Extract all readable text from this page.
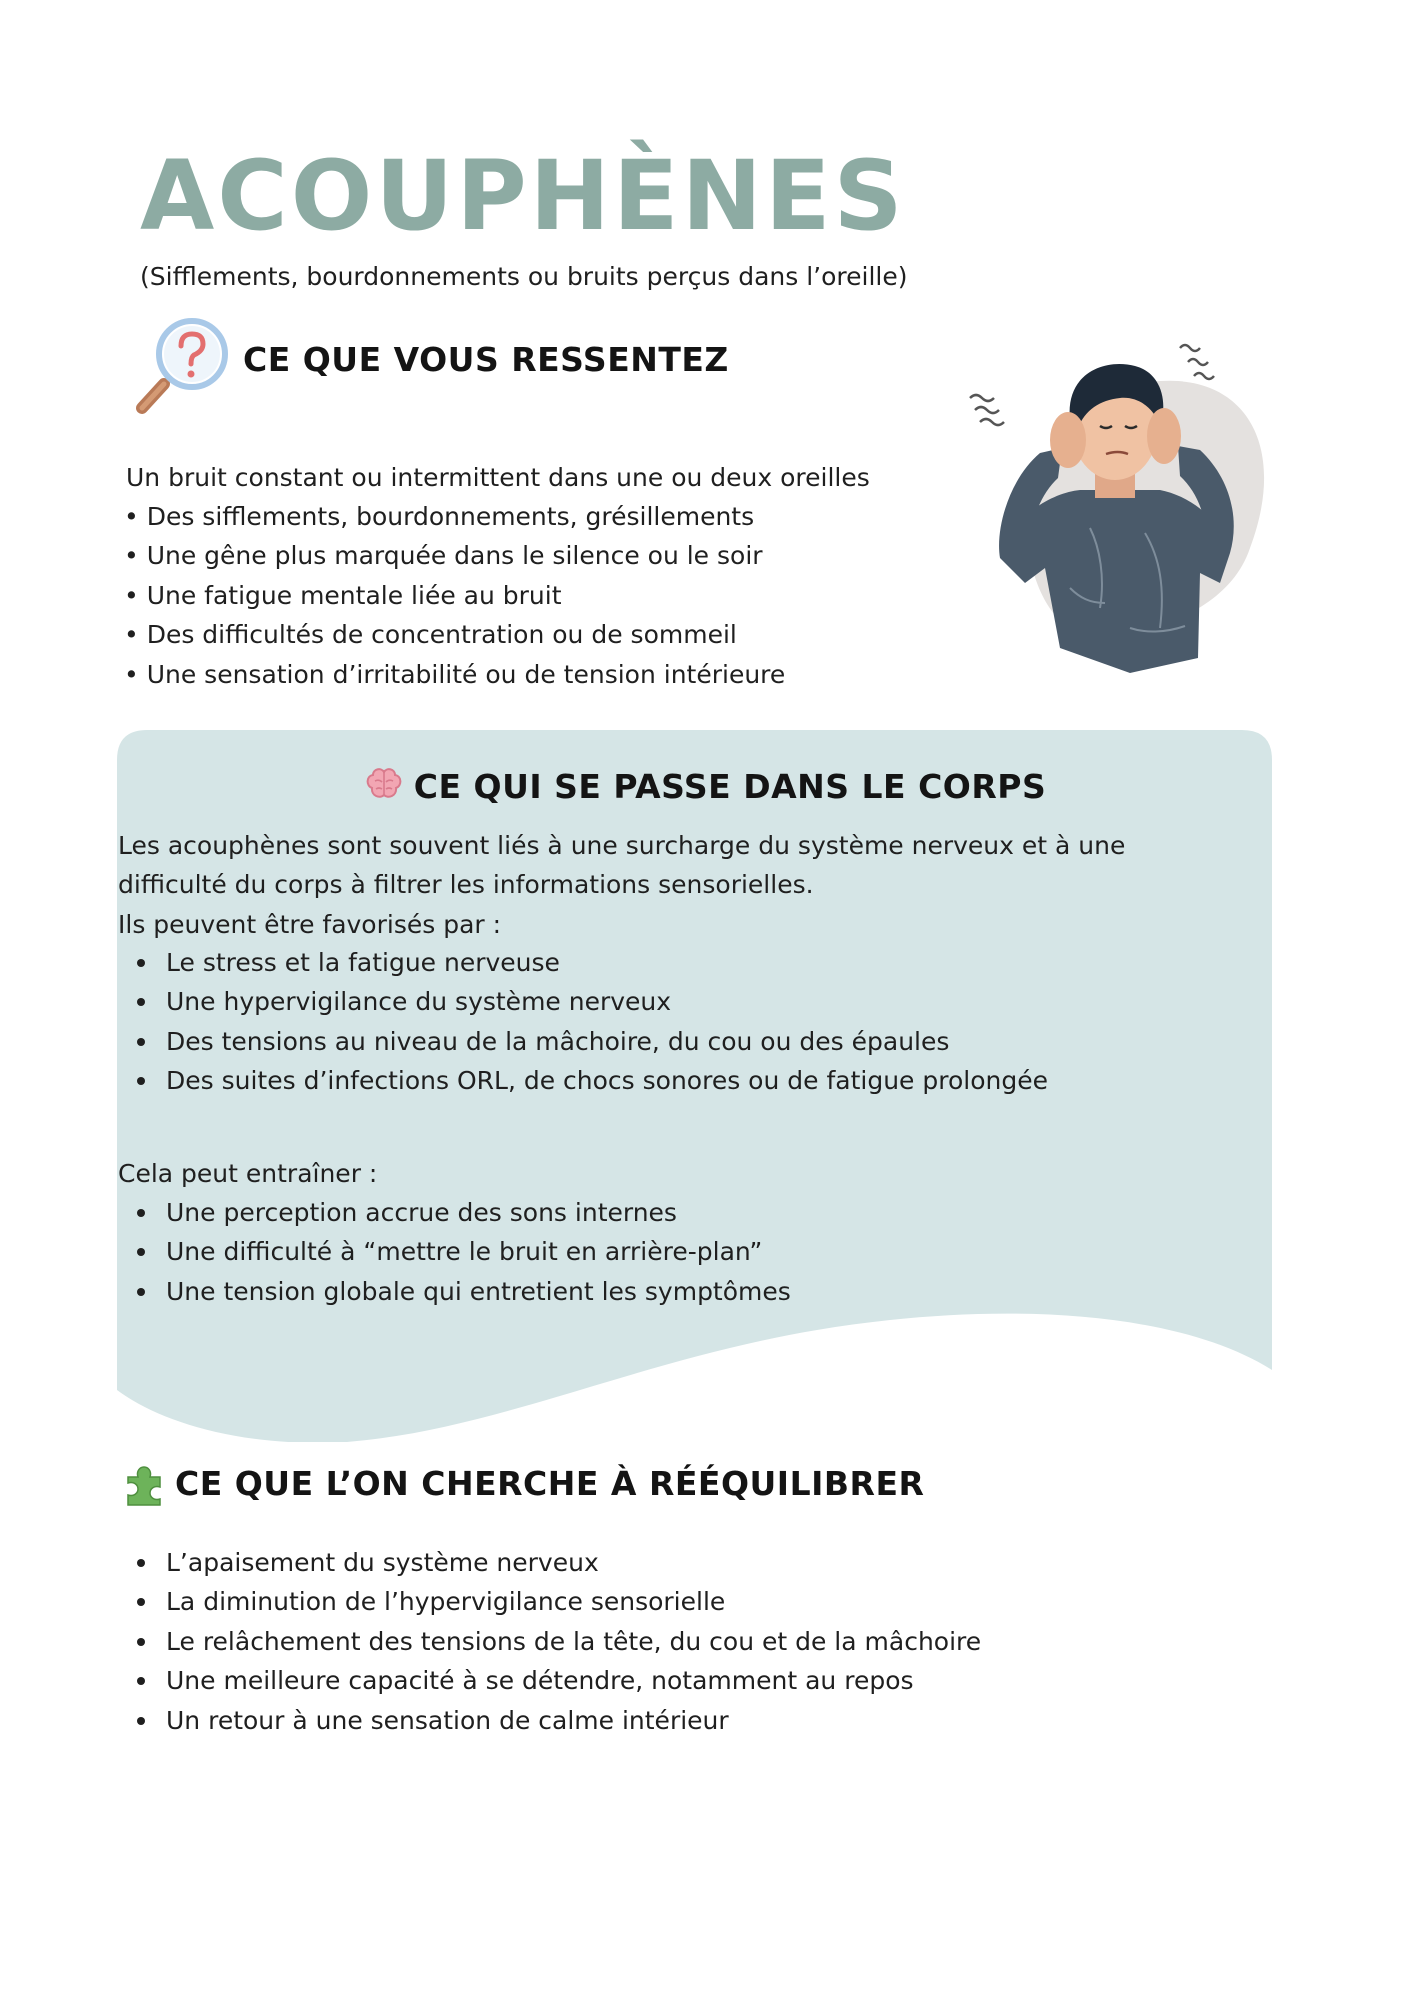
ACOUPHÈNES

(Sifflements, bourdonnements ou bruits perçus dans l’oreille)

CE QUE VOUS RESSENTEZ

Un bruit constant ou intermittent dans une ou deux oreilles

• Des sifflements, bourdonnements, grésillements
• Une gêne plus marquée dans le silence ou le soir
• Une fatigue mentale liée au bruit
• Des difficultés de concentration ou de sommeil
• Une sensation d’irritabilité ou de tension intérieure
CE QUI SE PASSE DANS LE CORPS

Les acouphènes sont souvent liés à une surcharge du système nerveux et à une

difficulté du corps à filtrer les informations sensorielles.

Ils peuvent être favorisés par :

Le stress et la fatigue nerveuse
Une hypervigilance du système nerveux
Des tensions au niveau de la mâchoire, du cou ou des épaules
Des suites d’infections ORL, de chocs sonores ou de fatigue prolongée

Cela peut entraîner :

Une perception accrue des sons internes
Une difficulté à “mettre le bruit en arrière-plan”
Une tension globale qui entretient les symptômes
CE QUE L’ON CHERCHE À RÉÉQUILIBRER
L’apaisement du système nerveux
La diminution de l’hypervigilance sensorielle
Le relâchement des tensions de la tête, du cou et de la mâchoire
Une meilleure capacité à se détendre, notamment au repos
Un retour à une sensation de calme intérieur
